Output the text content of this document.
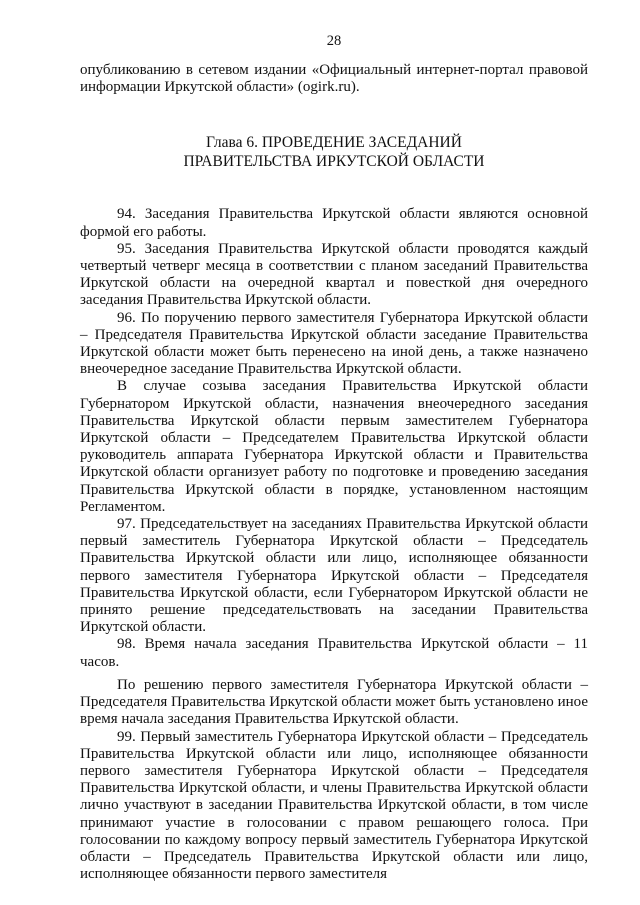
28

опубликованию в сетевом издании «Официальный интернет-портал правовой информации Иркутской области» (ogirk.ru).

Глава 6. ПРОВЕДЕНИЕ ЗАСЕДАНИЙ
ПРАВИТЕЛЬСТВА ИРКУТСКОЙ ОБЛАСТИ

94. Заседания Правительства Иркутской области являются основной формой его работы.

95. Заседания Правительства Иркутской области проводятся каждый четвертый четверг месяца в соответствии с планом заседаний Правительства Иркутской области на очередной квартал и повесткой дня очередного заседания Правительства Иркутской области.

96. По поручению первого заместителя Губернатора Иркутской области – Председателя Правительства Иркутской области заседание Правительства Иркутской области может быть перенесено на иной день, а также назначено внеочередное заседание Правительства Иркутской области.

В случае созыва заседания Правительства Иркутской области Губернатором Иркутской области, назначения внеочередного заседания Правительства Иркутской области первым заместителем Губернатора Иркутской области – Председателем Правительства Иркутской области руководитель аппарата Губернатора Иркутской области и Правительства Иркутской области организует работу по подготовке и проведению заседания Правительства Иркутской области в порядке, установленном настоящим Регламентом.

97. Председательствует на заседаниях Правительства Иркутской области первый заместитель Губернатора Иркутской области – Председатель Правительства Иркутской области или лицо, исполняющее обязанности первого заместителя Губернатора Иркутской области – Председателя Правительства Иркутской области, если Губернатором Иркутской области не принято решение председательствовать на заседании Правительства Иркутской области.

98. Время начала заседания Правительства Иркутской области – 11 часов.

По решению первого заместителя Губернатора Иркутской области – Председателя Правительства Иркутской области может быть установлено иное время начала заседания Правительства Иркутской области.

99. Первый заместитель Губернатора Иркутской области – Председатель Правительства Иркутской области или лицо, исполняющее обязанности первого заместителя Губернатора Иркутской области – Председателя Правительства Иркутской области, и члены Правительства Иркутской области лично участвуют в заседании Правительства Иркутской области, в том числе принимают участие в голосовании с правом решающего голоса. При голосовании по каждому вопросу первый заместитель Губернатора Иркутской области – Председатель Правительства Иркутской области или лицо, исполняющее обязанности первого заместителя
